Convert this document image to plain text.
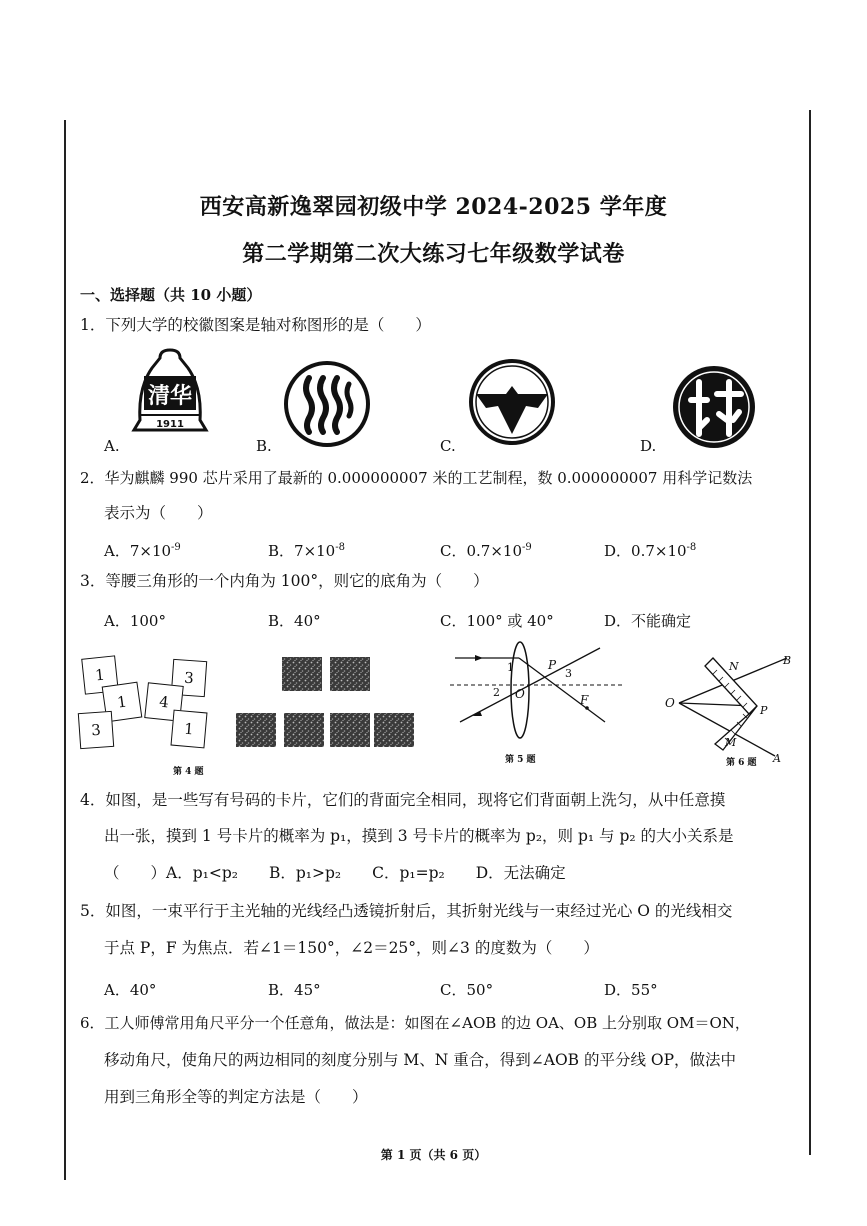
西安高新逸翠园初级中学 2024-2025 学年度
第二学期第二次大练习七年级数学试卷
一、选择题（共 10 小题）
1．下列大学的校徽图案是轴对称图形的是（　　）
清华
1911
A.	B.	C.	D.
2．华为麒麟 990 芯片采用了最新的 0.000000007 米的工艺制程，数 0.000000007 用科学记数法
表示为（　　）
A．$7\times 10^{-9}$	B．$7\times 10^{-8}$	C．$0.7\times 10^{-9}$	D．$0.7\times 10^{-8}$
3．等腰三角形的一个内角为 100°，则它的底角为（　　）
A．100°	B．40°	C．100° 或 40°	D．不能确定
1	3
1	4
3	1
第 4 题
1
2
P
3
O	F
第 5 题
N	B
O
P
M
A
第 6 题
4．如图，是一些写有号码的卡片，它们的背面完全相同，现将它们背面朝上洗匀，从中任意摸
出一张，摸到 1 号卡片的概率为 p₁，摸到 3 号卡片的概率为 p₂，则 p₁ 与 p₂ 的大小关系是
（　　）A．p₁<p₂　　B．p₁>p₂　　C．p₁=p₂　　D．无法确定
5．如图，一束平行于主光轴的光线经凸透镜折射后，其折射光线与一束经过光心 O 的光线相交
于点 P，F 为焦点．若∠1＝150°，∠2＝25°，则∠3 的度数为（　　）
A．40°	B．45°	C．50°	D．55°
6．工人师傅常用角尺平分一个任意角，做法是：如图在∠AOB 的边 OA、OB 上分别取 OM＝ON，
移动角尺，使角尺的两边相同的刻度分别与 M、N 重合，得到∠AOB 的平分线 OP，做法中
用到三角形全等的判定方法是（　　）
第 1 页（共 6 页）
